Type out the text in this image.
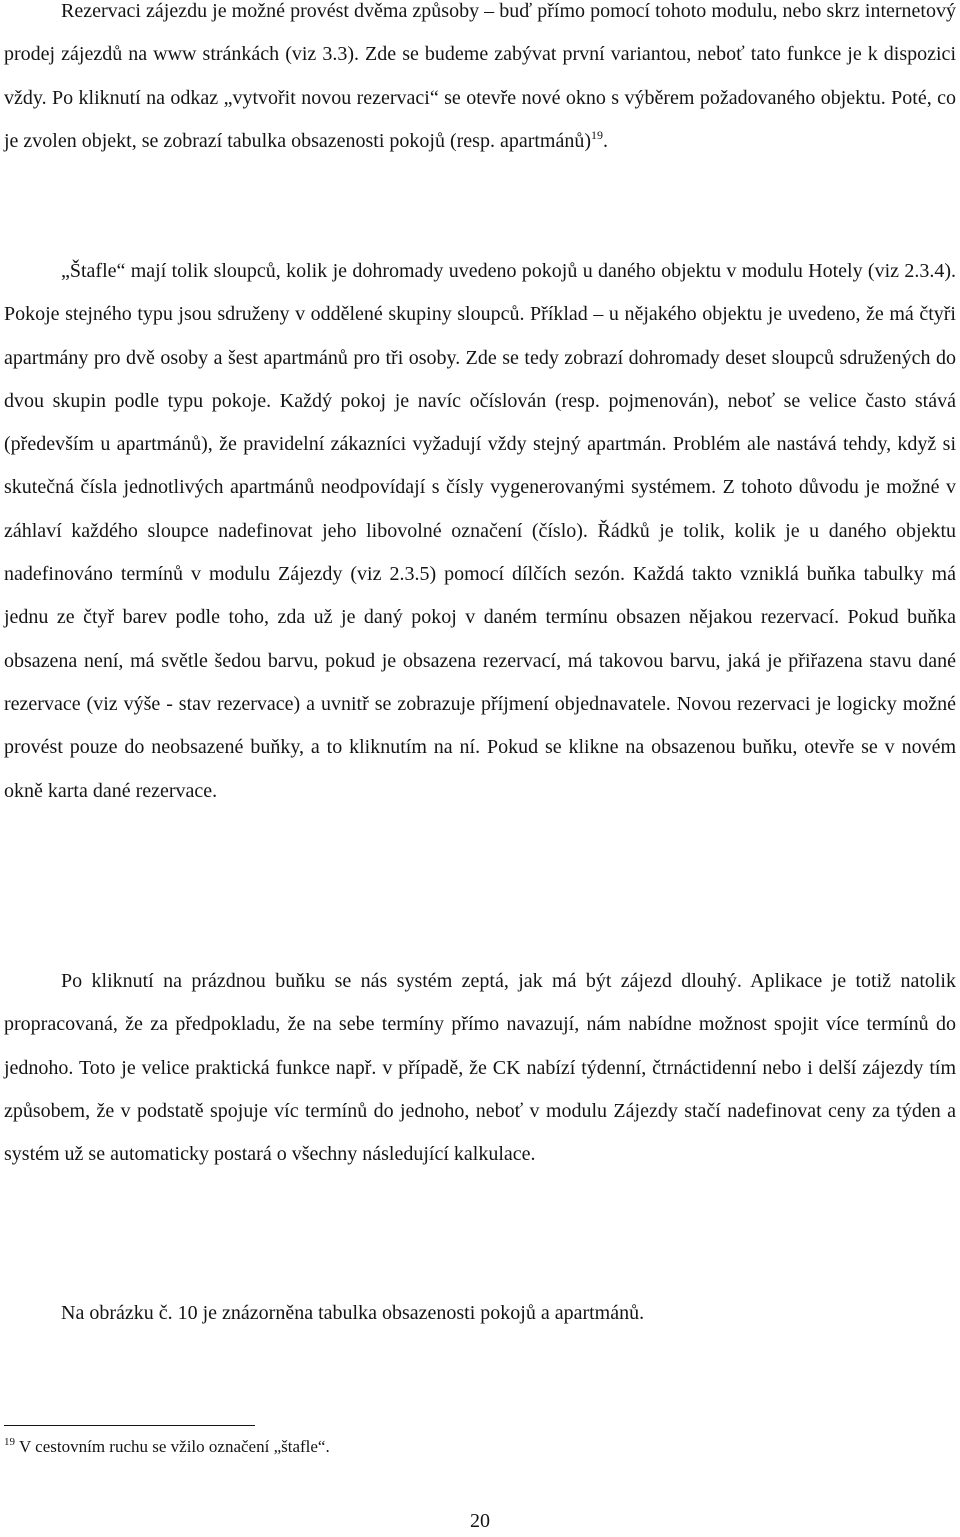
Rezervaci zájezdu je možné provést dvěma způsoby – buď přímo pomocí tohoto modulu, nebo skrz internetový prodej zájezdů na www stránkách (viz 3.3). Zde se budeme zabývat první variantou, neboť tato funkce je k dispozici vždy. Po kliknutí na odkaz „vytvořit novou rezervaci“ se otevře nové okno s výběrem požadovaného objektu. Poté, co je zvolen objekt, se zobrazí tabulka obsazenosti pokojů (resp. apartmánů)$^{19}$.

„Štafle“ mají tolik sloupců, kolik je dohromady uvedeno pokojů u daného objektu v modulu Hotely (viz 2.3.4). Pokoje stejného typu jsou sdruženy v oddělené skupiny sloupců. Příklad – u nějakého objektu je uvedeno, že má čtyři apartmány pro dvě osoby a šest apartmánů pro tři osoby. Zde se tedy zobrazí dohromady deset sloupců sdružených do dvou skupin podle typu pokoje. Každý pokoj je navíc očíslován (resp. pojmenován), neboť se velice často stává (především u apartmánů), že pravidelní zákazníci vyžadují vždy stejný apartmán. Problém ale nastává tehdy, když si skutečná čísla jednotlivých apartmánů neodpovídají s čísly vygenerovanými systémem. Z tohoto důvodu je možné v záhlaví každého sloupce nadefinovat jeho libovolné označení (číslo). Řádků je tolik, kolik je u daného objektu nadefinováno termínů v modulu Zájezdy (viz 2.3.5) pomocí dílčích sezón. Každá takto vzniklá buňka tabulky má jednu ze čtyř barev podle toho, zda už je daný pokoj v daném termínu obsazen nějakou rezervací. Pokud buňka obsazena není, má světle šedou barvu, pokud je obsazena rezervací, má takovou barvu, jaká je přiřazena stavu dané rezervace (viz výše - stav rezervace) a uvnitř se zobrazuje příjmení objednavatele. Novou rezervaci je logicky možné provést pouze do neobsazené buňky, a to kliknutím na ní. Pokud se klikne na obsazenou buňku, otevře se v novém okně karta dané rezervace.

Po kliknutí na prázdnou buňku se nás systém zeptá, jak má být zájezd dlouhý. Aplikace je totiž natolik propracovaná, že za předpokladu, že na sebe termíny přímo navazují, nám nabídne možnost spojit více termínů do jednoho. Toto je velice praktická funkce např. v případě, že CK nabízí týdenní, čtrnáctidenní nebo i delší zájezdy tím způsobem, že v podstatě spojuje víc termínů do jednoho, neboť v modulu Zájezdy stačí nadefinovat ceny za týden a systém už se automaticky postará o všechny následující kalkulace.

Na obrázku č. 10 je znázorněna tabulka obsazenosti pokojů a apartmánů.

$^{19}$ V cestovním ruchu se vžilo označení „štafle“.

20
